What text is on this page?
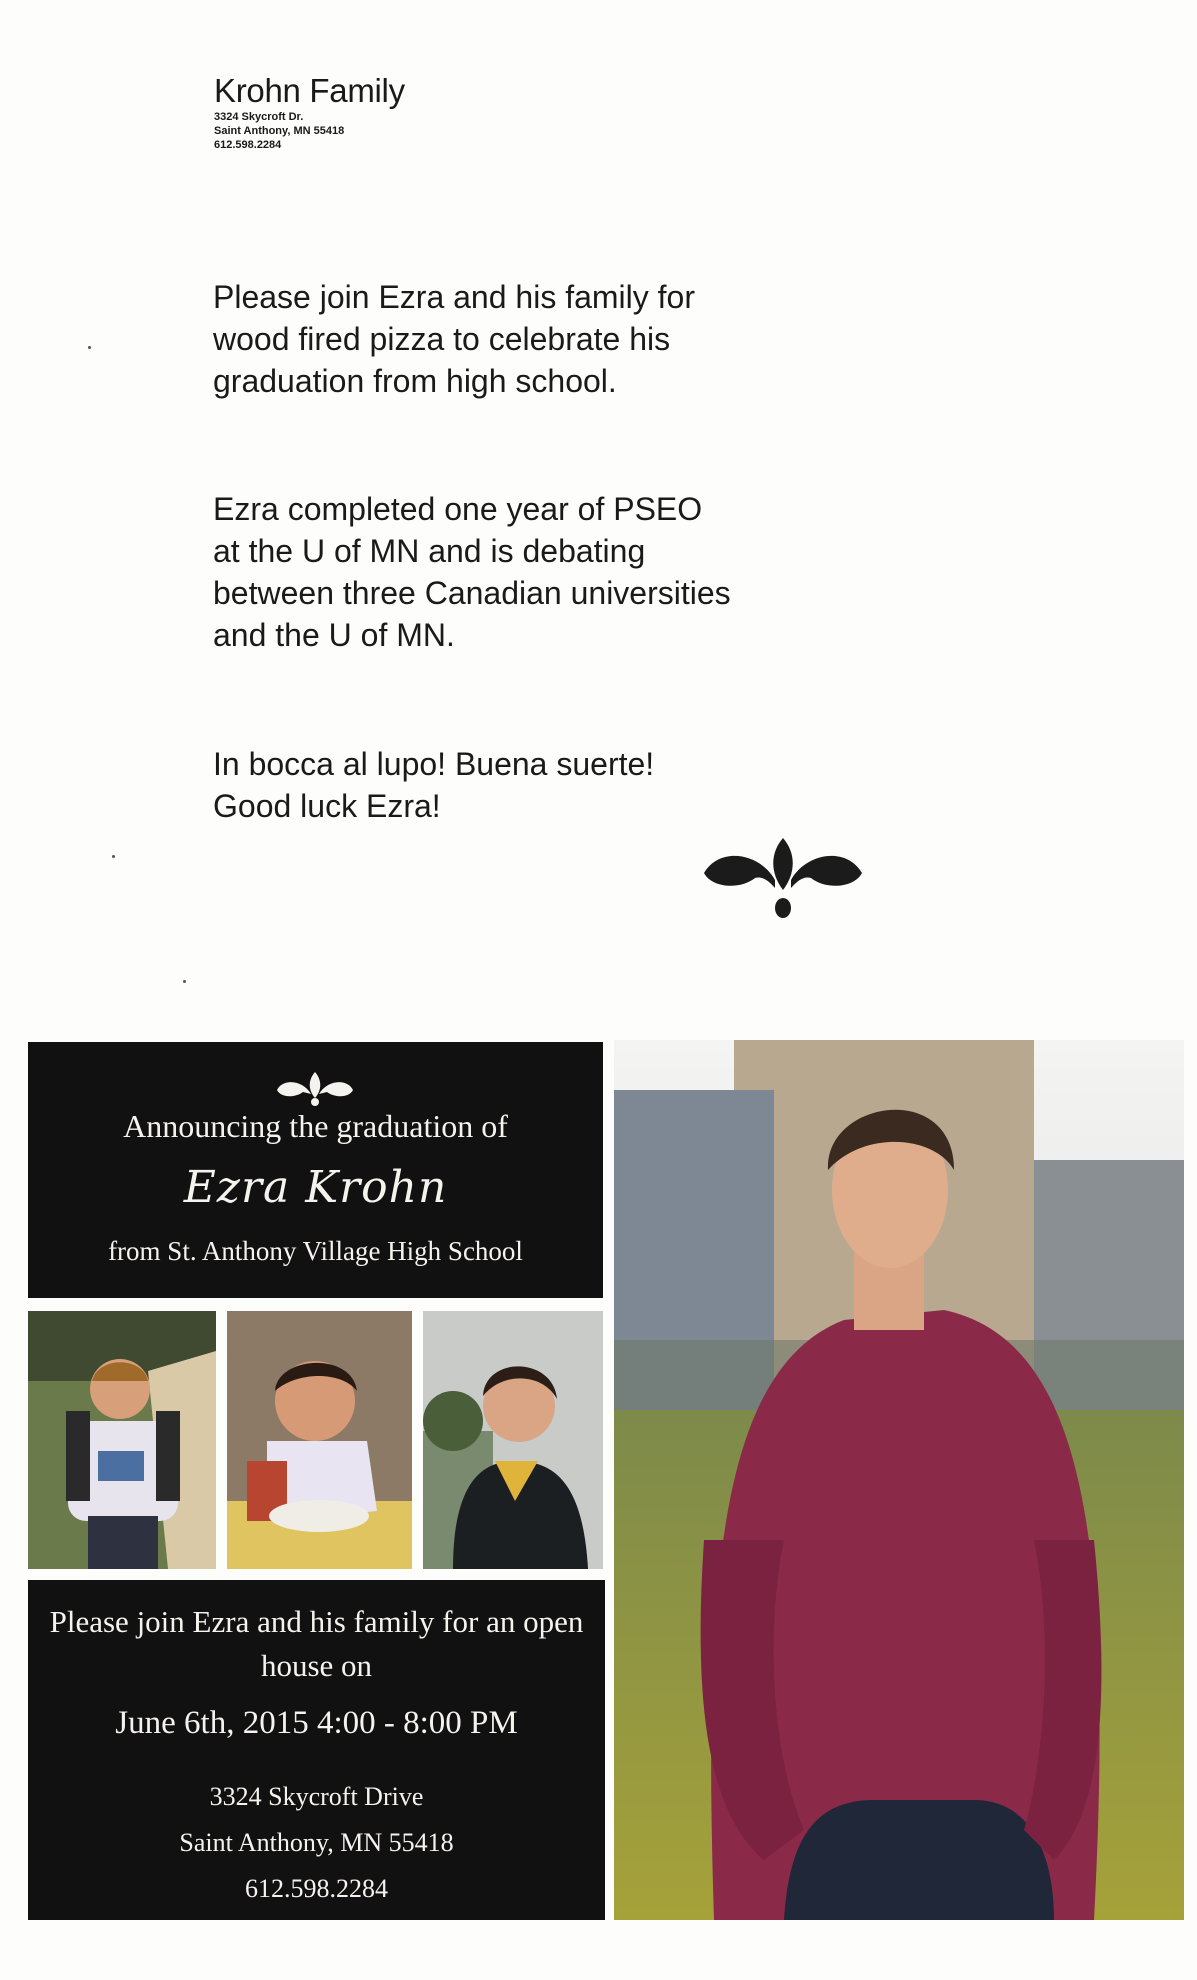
Krohn Family
3324 Skycroft Dr.
Saint Anthony, MN 55418
612.598.2284

Please join Ezra and his family for wood fired pizza to celebrate his graduation from high school.

Ezra completed one year of PSEO at the U of MN and is debating between three Canadian universities and the U of MN.

In bocca al lupo! Buena suerte! Good luck Ezra!

Announcing the graduation of
Ezra Krohn
from St. Anthony Village High School
Please join Ezra and his family for an open house on
June 6th, 2015 4:00 - 8:00 PM
3324 Skycroft Drive
Saint Anthony, MN 55418
612.598.2284
